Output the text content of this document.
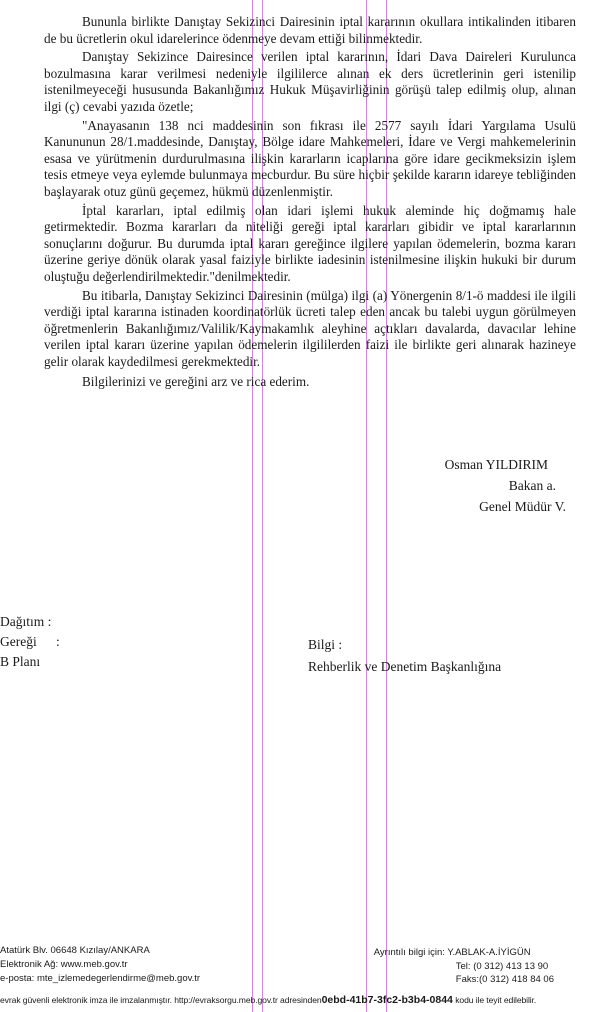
Bununla birlikte Danıştay Sekizinci Dairesinin iptal kararının okullara intikalinden itibaren de bu ücretlerin okul idarelerince ödenmeye devam ettiği bilinmektedir.

Danıştay Sekizince Dairesince verilen iptal kararının, İdari Dava Daireleri Kurulunca bozulmasına karar verilmesi nedeniyle ilgililercе alınan ek ders ücretlerinin geri istenilip istenilmeyeceği hususunda Bakanlığımız Hukuk Müşavirliğinin görüşü talep edilmiş olup, alınan ilgi (ç) cevabi yazıda özetle;

"Anayasanın 138 nci maddesinin son fıkrası ile 2577 sayılı İdari Yargılama Usulü Kanununun 28/1.maddesinde, Danıştay, Bölge idare Mahkemeleri, İdare ve Vergi mahkemelerinin esasa ve yürütmenin durdurulmasına ilişkin kararların icaplarına göre idare gecikmeksizin işlem tesis etmeye veya eylemde bulunmaya mecburdur. Bu süre hiçbir şekilde kararın idareye tebliğinden başlayarak otuz günü geçemez, hükmü düzenlenmiştir.

İptal kararları, iptal edilmiş olan idari işlemi hukuk aleminde hiç doğmamış hale getirmektedir. Bozma kararları da niteliği gereği iptal kararları gibidir ve iptal kararlarının sonuçlarını doğurur. Bu durumda iptal kararı gereğince ilgilere yapılan ödemelerin, bozma kararı üzerine geriye dönük olarak yasal faiziyle birlikte iadesinin istenilmesine ilişkin hukuki bir durum oluştuğu değerlendirilmektedir."denilmektedir.

Bu itibarla, Danıştay Sekizinci Dairesinin (mülga) ilgi (a) Yönergenin 8/1-ö maddesi ile ilgili verdiği iptal kararına istinaden koordinatörlük ücreti talep eden ancak bu talebi uygun görülmeyen öğretmenlerin Bakanlığımız/Valilik/Kaymakamlık aleyhine açtıkları davalarda, davacılar lehine verilen iptal kararı üzerine yapılan ödemelerin ilgililerden faizi ile birlikte geri alınarak hazineye gelir olarak kaydedilmesi gerekmektedir.

Bilgilerinizi ve gereğini arz ve rica ederim.

Osman YILDIRIM
Bakan a.
Genel Müdür V.
Dağıtım :
Gereği	:
B Planı
Bilgi :
Rehberlik ve Denetim Başkanlığına
Atatürk Blv. 06648 Kızılay/ANKARA
Elektronik Ağ: www.meb.gov.tr
e-posta: mte_izlemedegerlendirme@meb.gov.tr
Ayrıntılı bilgi için: Y.ABLAK-A.İYİGÜN
Tel: (0 312) 413 13 90
Faks:(0 312) 418 84 06
evrak güvenli elektronik imza ile imzalanmıştır. http://evraksorgu.meb.gov.tr adresinden0ebd-41b7-3fc2-b3b4-0844 kodu ile teyit edilebilir.
